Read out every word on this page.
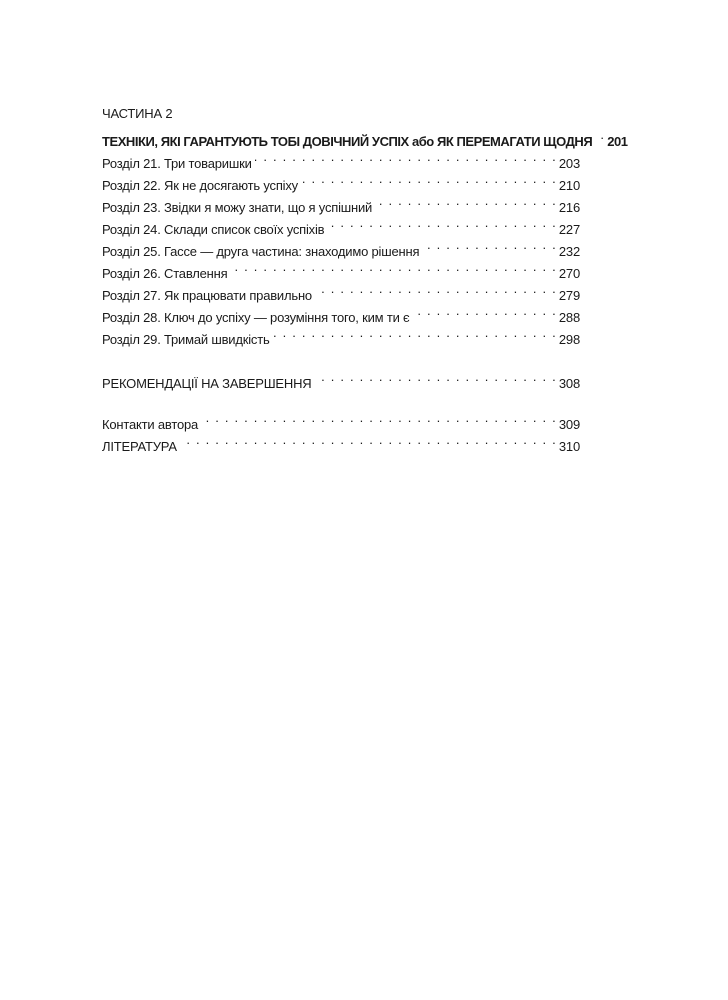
ЧАСТИНА 2
ТЕХНІКИ, ЯКІ ГАРАНТУЮТЬ ТОБІ ДОВІЧНИЙ УСПІХ або ЯК ПЕРЕМАГАТИ ЩОДНЯ . . . 201
Розділ 21. Три товаришки . . .	203
Розділ 22. Як не досягають успіху . . .	210
Розділ 23. Звідки я можу знати, що я успішний . . .	216
Розділ 24. Склади список своїх успіхів . . .	227
Розділ 25. Гассе — друга частина: знаходимо рішення . . .	232
Розділ 26. Ставлення . . .	270
Розділ 27. Як працювати правильно . . .	279
Розділ 28. Ключ до успіху — розуміння того, ким ти є . . .	288
Розділ 29. Тримай швидкість . . .	298
РЕКОМЕНДАЦІЇ НА ЗАВЕРШЕННЯ . . .	308
Контакти автора . . .	309
ЛІТЕРАТУРА . . .	310
